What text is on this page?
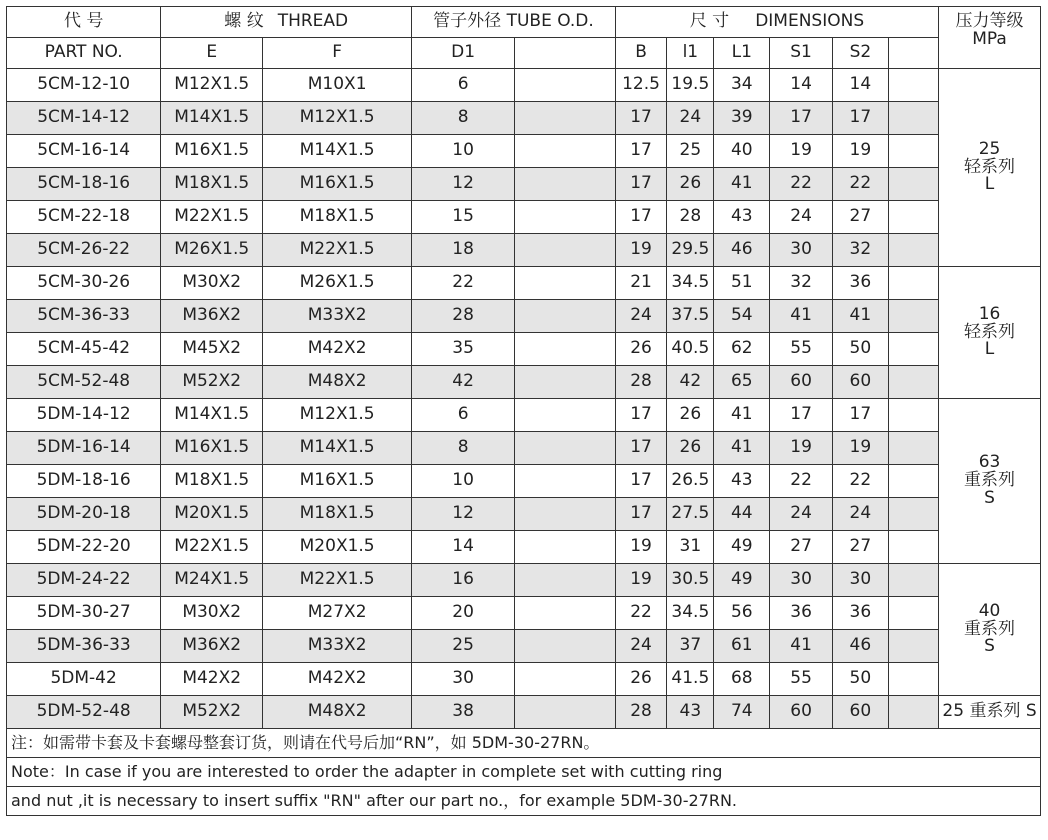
代 号	螺 纹 THREAD		管子外径 TUBE O.D.		尺 寸 DIMENSIONS						压力等级
MPa

PART NO.	E	F	D1		B	l1	L1	S1	S2		
5CM-12-10	M12X1.5	M10X1	6		12.5	19.5	34	14	14		25
轻系列
L

5CM-14-12	M14X1.5	M12X1.5	8		17	24	39	17	17		
5CM-16-14	M16X1.5	M14X1.5	10		17	25	40	19	19		
5CM-18-16	M18X1.5	M16X1.5	12		17	26	41	22	22		
5CM-22-18	M22X1.5	M18X1.5	15		17	28	43	24	27		
5CM-26-22	M26X1.5	M22X1.5	18		19	29.5	46	30	32		
5CM-30-26	M30X2	M26X1.5	22		21	34.5	51	32	36		16
轻系列
L

5CM-36-33	M36X2	M33X2	28		24	37.5	54	41	41		
5CM-45-42	M45X2	M42X2	35		26	40.5	62	55	50		
5CM-52-48	M52X2	M48X2	42		28	42	65	60	60		
5DM-14-12	M14X1.5	M12X1.5	6		17	26	41	17	17		63
重系列
S

5DM-16-14	M16X1.5	M14X1.5	8		17	26	41	19	19		
5DM-18-16	M18X1.5	M16X1.5	10		17	26.5	43	22	22		
5DM-20-18	M20X1.5	M18X1.5	12		17	27.5	44	24	24		
5DM-22-20	M22X1.5	M20X1.5	14		19	31	49	27	27		
5DM-24-22	M24X1.5	M22X1.5	16		19	30.5	49	30	30		40
重系列
S

5DM-30-27	M30X2	M27X2	20		22	34.5	56	36	36		
5DM-36-33	M36X2	M33X2	25		24	37	61	41	46		
5DM-42	M42X2	M42X2	30		26	41.5	68	55	50		
5DM-52-48	M52X2	M48X2	38		28	43	74	60	60		25 重系列 S
注：如需带卡套及卡套螺母整套订货，则请在代号后加“RN”，如 5DM-30-27RN。
Note：In case if you are interested to order the adapter in complete set with cutting ring
and nut ,it is necessary to insert suffix "RN" after our part no.，for example 5DM-30-27RN.
